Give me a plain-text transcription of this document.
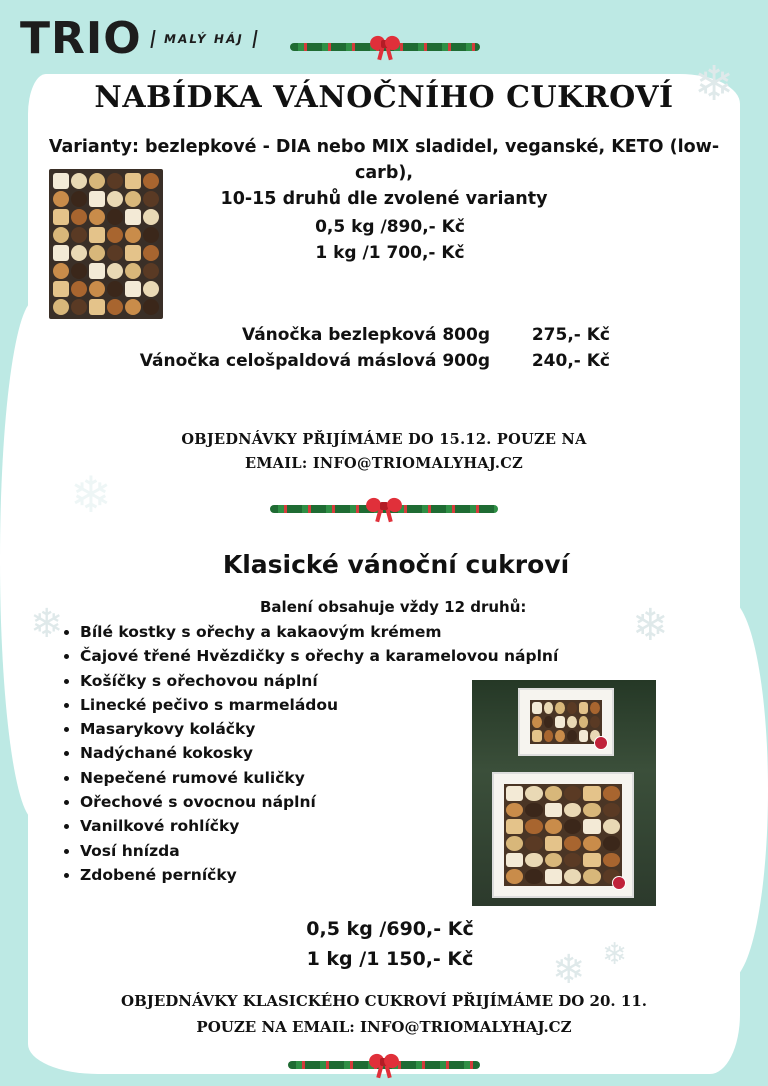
❄
❄	❄
❄ ❄
❄
TRIO	MALÝ HÁJ
NABÍDKA VÁNOČNÍHO CUKROVÍ
Varianty: bezlepkové - DIA nebo MIX sladidel, veganské, KETO (low-carb),
10-15 druhů dle zvolené varianty
0,5 kg /890,- Kč
1 kg /1 700,- Kč
Vánočka bezlepková 800g	275,- Kč
Vánočka celošpaldová máslová 900g	240,- Kč
OBJEDNÁVKY PŘIJÍMÁME DO 15.12. POUZE NA
EMAIL: INFO@TRIOMALYHAJ.CZ
Klasické vánoční cukroví
Balení obsahuje vždy 12 druhů:
• Bílé kostky s ořechy a kakaovým krémem
• Čajové třené Hvězdičky s ořechy a karamelovou náplní
• Košíčky s ořechovou náplní
• Linecké pečivo s marmeládou
• Masarykovy koláčky
• Nadýchané kokosky
• Nepečené rumové kuličky
• Ořechové s ovocnou náplní
• Vanilkové rohlíčky
• Vosí hnízda
• Zdobené perníčky
0,5 kg /690,- Kč
1 kg /1 150,- Kč
OBJEDNÁVKY KLASICKÉHO CUKROVÍ PŘIJÍMÁME DO 20. 11.
POUZE NA EMAIL: INFO@TRIOMALYHAJ.CZ
